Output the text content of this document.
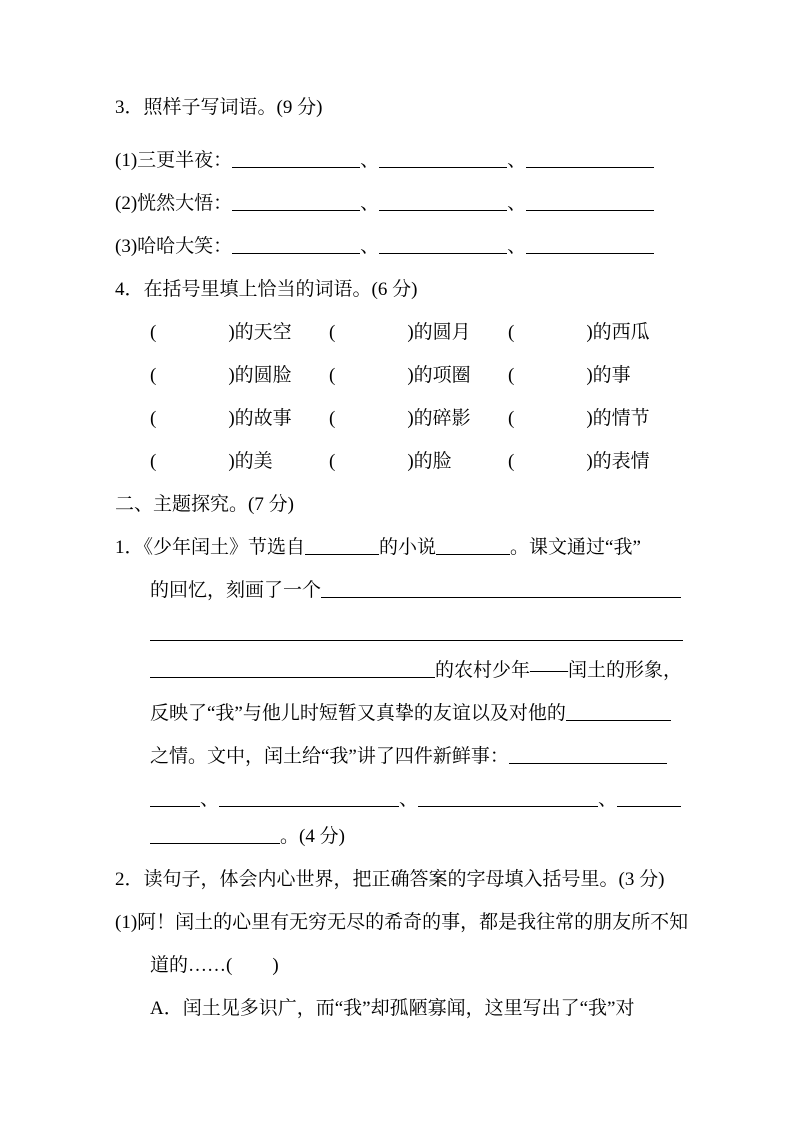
3．照样子写词语。(9 分)
(1)三更半夜：	、	、
(2)恍然大悟：	、	、
(3)哈哈大笑：	、	、
4．在括号里填上恰当的词语。(6 分)
(	)的天空	(	)的圆月	(	)的西瓜
(	)的圆脸	(	)的项圈	(	)的事
(	)的故事	(	)的碎影	(	)的情节
(	)的美	(	)的脸	(	)的表情
二、主题探究。(7 分)
1．《少年闰土》节选自	的小说	。课文通过“我”
的回忆，刻画了一个
的农村少年——闰土的形象，
反映了“我”与他儿时短暂又真挚的友谊以及对他的
之情。文中，闰土给“我”讲了四件新鲜事：
、	、	、
。(4 分)
2．读句子，体会内心世界，把正确答案的字母填入括号里。(3 分)
(1)阿！闰土的心里有无穷无尽的希奇的事，都是我往常的朋友所不知
道的……( )
A．闰土见多识广，而“我”却孤陋寡闻，这里写出了“我”对
